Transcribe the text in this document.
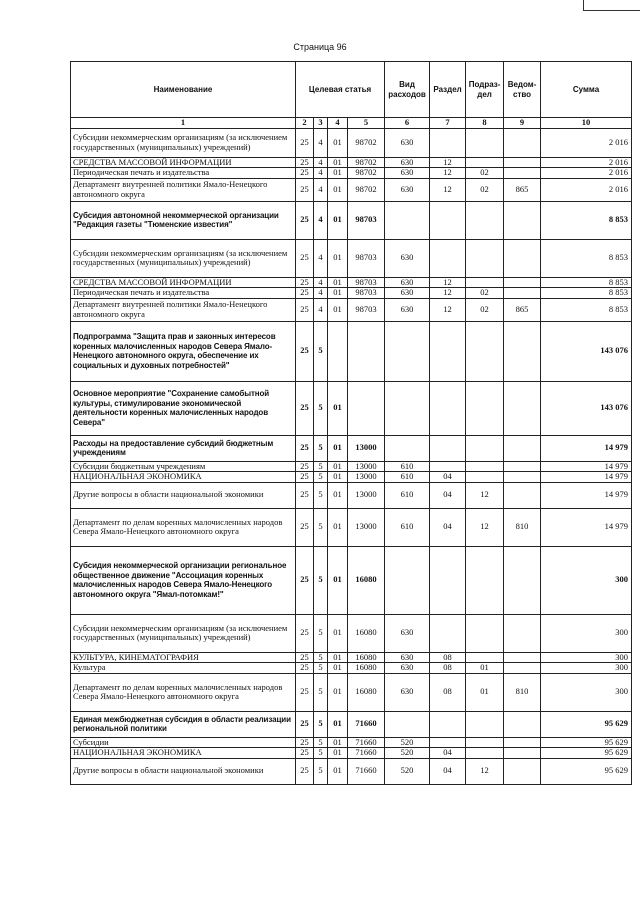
Страница 96
Наименование	Целевая статья				Вид расходов	Раздел	Подраз-дел	Ведом-ство	Сумма
1	2	3	4	5	6	7	8	9	10
Субсидии некоммерческим организациям (за исключением государственных (муниципальных) учреждений)	25	4	01	98702	630				2 016
СРЕДСТВА МАССОВОЙ ИНФОРМАЦИИ	25	4	01	98702	630	12			2 016
Периодическая печать и издательства	25	4	01	98702	630	12	02		2 016
Департамент внутренней политики Ямало-Ненецкого автономного округа	25	4	01	98702	630	12	02	865	2 016
Субсидия автономной некоммерческой организации "Редакция газеты "Тюменские известия"	25	4	01	98703					8 853
Субсидии некоммерческим организациям (за исключением государственных (муниципальных) учреждений)	25	4	01	98703	630				8 853
СРЕДСТВА МАССОВОЙ ИНФОРМАЦИИ	25	4	01	98703	630	12			8 853
Периодическая печать и издательства	25	4	01	98703	630	12	02		8 853
Департамент внутренней политики Ямало-Ненецкого автономного округа	25	4	01	98703	630	12	02	865	8 853
Подпрограмма "Защита прав и законных интересов коренных малочисленных народов Севера Ямало-Ненецкого автономного округа, обеспечение их социальных и духовных потребностей"	25	5							143 076
Основное мероприятие "Сохранение самобытной культуры, стимулирование экономической деятельности коренных малочисленных народов Севера"	25	5	01						143 076
Расходы на предоставление субсидий бюджетным учреждениям	25	5	01	13000					14 979
Субсидии бюджетным учреждениям	25	5	01	13000	610				14 979
НАЦИОНАЛЬНАЯ ЭКОНОМИКА	25	5	01	13000	610	04			14 979
Другие вопросы в области национальной экономики	25	5	01	13000	610	04	12		14 979
Департамент по делам коренных малочисленных народов Севера Ямало-Ненецкого автономного округа	25	5	01	13000	610	04	12	810	14 979
Субсидия некоммерческой организации региональное общественное движение "Ассоциация коренных малочисленных народов Севера Ямало-Ненецкого автономного округа "Ямал-потомкам!"	25	5	01	16080					300
Субсидии некоммерческим организациям (за исключением государственных (муниципальных) учреждений)	25	5	01	16080	630				300
КУЛЬТУРА, КИНЕМАТОГРАФИЯ	25	5	01	16080	630	08			300
Культура	25	5	01	16080	630	08	01		300
Департамент по делам коренных малочисленных народов Севера Ямало-Ненецкого автономного округа	25	5	01	16080	630	08	01	810	300
Единая межбюджетная субсидия в области реализации региональной политики	25	5	01	71660					95 629
Субсидии	25	5	01	71660	520				95 629
НАЦИОНАЛЬНАЯ ЭКОНОМИКА	25	5	01	71660	520	04			95 629
Другие вопросы в области национальной экономики	25	5	01	71660	520	04	12		95 629
